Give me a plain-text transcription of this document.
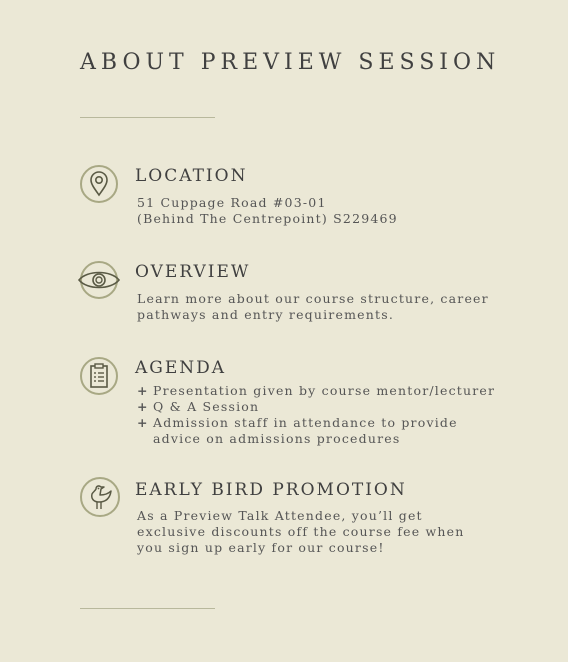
ABOUT PREVIEW SESSION
LOCATION

51 Cuppage Road #03-01

(Behind The Centrepoint) S229469

OVERVIEW

Learn more about our course structure, career

pathways and entry requirements.

AGENDA
+ Presentation given by course mentor/lecturer
+ Q & A Session
+ Admission staff in attendance to provide advice on admissions procedures
EARLY BIRD PROMOTION

As a Preview Talk Attendee, you’ll get

exclusive discounts off the course fee when

you sign up early for our course!
